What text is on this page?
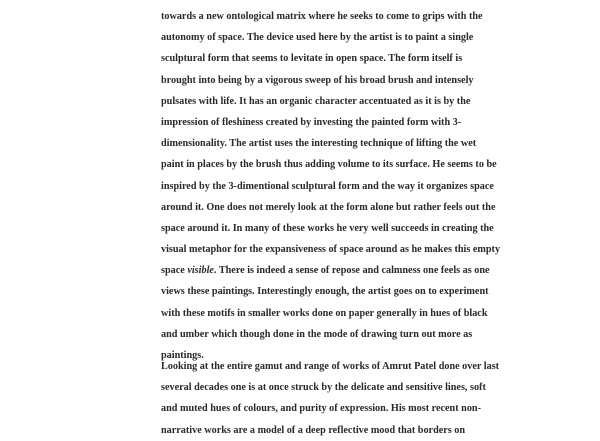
towards a new ontological matrix where he seeks to come to grips with the
autonomy of space. The device used here by the artist is to paint a single
sculptural form that seems to levitate in open space. The form itself is
brought into being by a vigorous sweep of his broad brush and intensely
pulsates with life. It has an organic character accentuated as it is by the
impression of fleshiness created by investing the painted form with 3-
dimensionality. The artist uses the interesting technique of lifting the wet
paint in places by the brush thus adding volume to its surface. He seems to be
inspired by the 3-dimentional sculptural form and the way it organizes space
around it. One does not merely look at the form alone but rather feels out the
space around it. In many of these works he very well succeeds in creating the
visual metaphor for the expansiveness of space around as he makes this empty
space visible. There is indeed a sense of repose and calmness one feels as one
views these paintings. Interestingly enough, the artist goes on to experiment
with these motifs in smaller works done on paper generally in hues of black
and umber which though done in the mode of drawing turn out more as
paintings.
Looking at the entire gamut and range of works of Amrut Patel done over last
several decades one is at once struck by the delicate and sensitive lines, soft
and muted hues of colours, and purity of expression. His most recent non-
narrative works are a model of a deep reflective mood that borders on
